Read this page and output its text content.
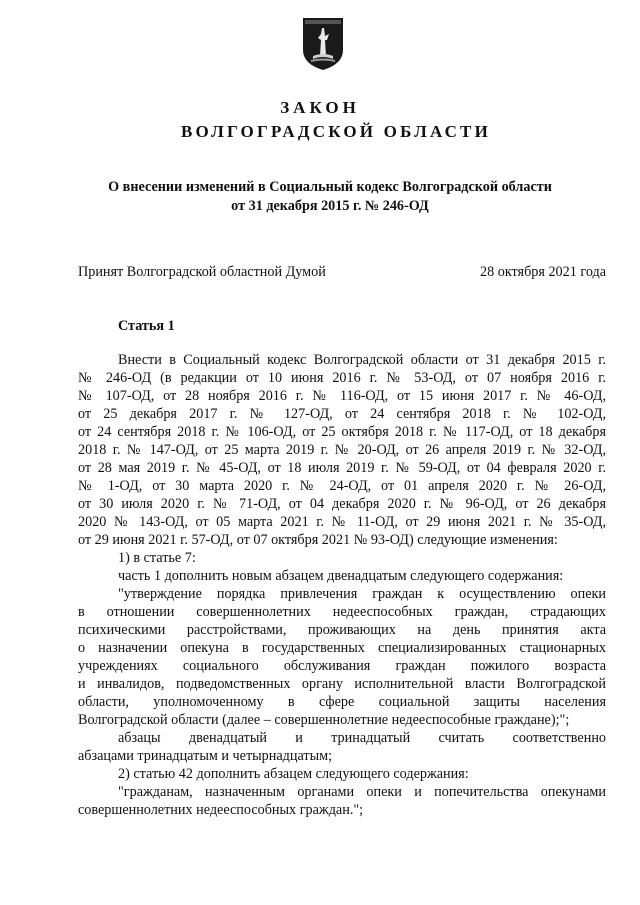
ЗАКОН
ВОЛГОГРАДСКОЙ ОБЛАСТИ
О внесении изменений в Социальный кодекс Волгоградской области
от 31 декабря 2015 г. № 246-ОД
Принят Волгоградской областной Думой	28 октября 2021 года
Статья 1
Внести в Социальный кодекс Волгоградской области от 31 декабря 2015 г.
№ 246-ОД (в редакции от 10 июня 2016 г. № 53-ОД, от 07 ноября 2016 г.
№ 107-ОД, от 28 ноября 2016 г. № 116-ОД, от 15 июня 2017 г. № 46-ОД,
от 25 декабря 2017 г. № 127-ОД, от 24 сентября 2018 г. № 102-ОД,
от 24 сентября 2018 г. № 106-ОД, от 25 октября 2018 г. № 117-ОД, от 18 декабря
2018 г. № 147-ОД, от 25 марта 2019 г. № 20-ОД, от 26 апреля 2019 г. № 32-ОД,
от 28 мая 2019 г. № 45-ОД, от 18 июля 2019 г. № 59-ОД, от 04 февраля 2020 г.
№ 1-ОД, от 30 марта 2020 г. № 24-ОД, от 01 апреля 2020 г. № 26-ОД,
от 30 июля 2020 г. № 71-ОД, от 04 декабря 2020 г. № 96-ОД, от 26 декабря
2020 № 143-ОД, от 05 марта 2021 г. № 11-ОД, от 29 июня 2021 г. № 35-ОД,
от 29 июня 2021 г. 57-ОД, от 07 октября 2021 № 93-ОД) следующие изменения:
1) в статье 7:
часть 1 дополнить новым абзацем двенадцатым следующего содержания:
"утверждение порядка привлечения граждан к осуществлению опеки
в отношении совершеннолетних недееспособных граждан, страдающих
психическими расстройствами, проживающих на день принятия акта
о назначении опекуна в государственных специализированных стационарных
учреждениях социального обслуживания граждан пожилого возраста
и инвалидов, подведомственных органу исполнительной власти Волгоградской
области, уполномоченному в сфере социальной защиты населения
Волгоградской области (далее – совершеннолетние недееспособные граждане);";
абзацы двенадцатый и тринадцатый считать соответственно
абзацами тринадцатым и четырнадцатым;
2) статью 42 дополнить абзацем следующего содержания:
"гражданам, назначенным органами опеки и попечительства опекунами
совершеннолетних недееспособных граждан.";
